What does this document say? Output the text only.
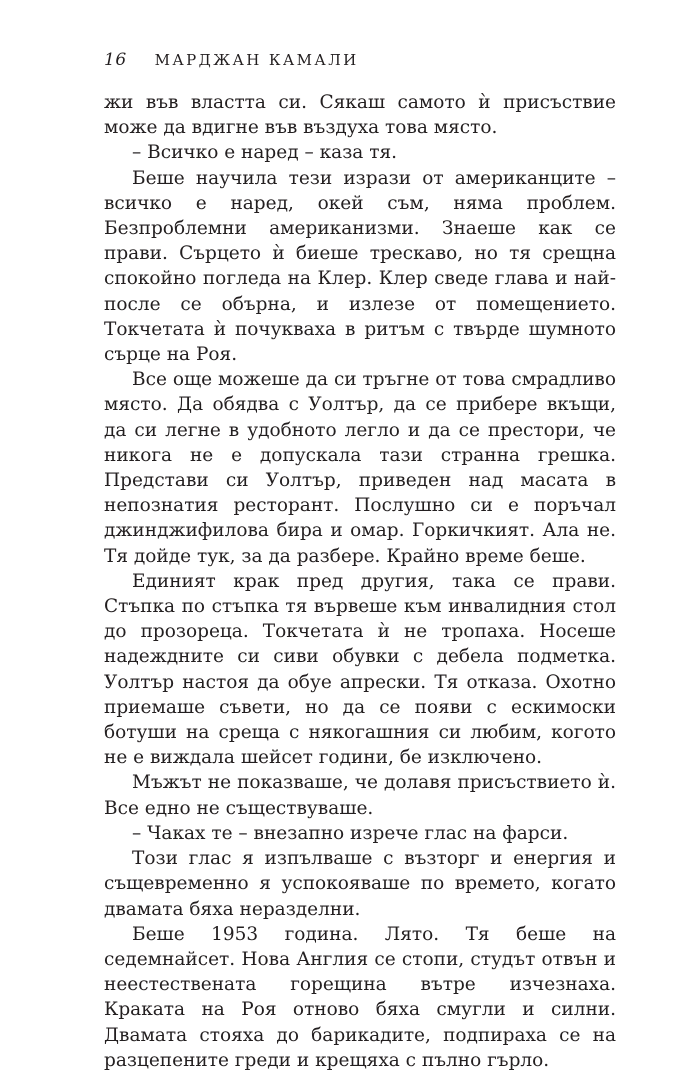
16 МАРДЖАН КАМАЛИ

жи във властта си. Сякаш самото ѝ присъствие може да вдигне във въздуха това място.

– Всичко е наред – каза тя.

Беше научила тези изрази от американците – всичко е наред, окей съм, няма проблем. Безпроблемни американизми. Знаеше как се прави. Сърцето ѝ биеше трескаво, но тя срещна спокойно погледа на Клер. Клер сведе глава и най-после се обърна, и излезе от помещението. Токчетата ѝ почукваха в ритъм с твърде шумното сърце на Роя.

Все още можеше да си тръгне от това смрадливо място. Да обядва с Уолтър, да се прибере вкъщи, да си легне в удобното легло и да се престори, че никога не е допускала тази странна грешка. Представи си Уолтър, приведен над масата в непознатия ресторант. Послушно си е поръчал джинджифилова бира и омар. Горкичкият. Ала не. Тя дойде тук, за да разбере. Крайно време беше.

Единият крак пред другия, така се прави. Стъпка по стъпка тя вървеше към инвалидния стол до прозореца. Токчетата ѝ не тропаха. Носеше надеждните си сиви обувки с дебела подметка. Уолтър настоя да обуе апрески. Тя отказа. Охотно приемаше съвети, но да се появи с ескимоски ботуши на среща с някогашния си любим, когото не е виждала шейсет години, бе изключено.

Мъжът не показваше, че долавя присъствието ѝ. Все едно не съществуваше.

– Чаках те – внезапно изрече глас на фарси.

Този глас я изпълваше с възторг и енергия и същевременно я успокояваше по времето, когато двамата бяха неразделни.

Беше 1953 година. Лято. Тя беше на седемнайсет. Нова Англия се стопи, студът отвън и неестествената горещина вътре изчезнаха. Краката на Роя отново бяха смугли и силни. Двамата стояха до барикадите, подпираха се на разцепените греди и крещяха с пълно гърло.
